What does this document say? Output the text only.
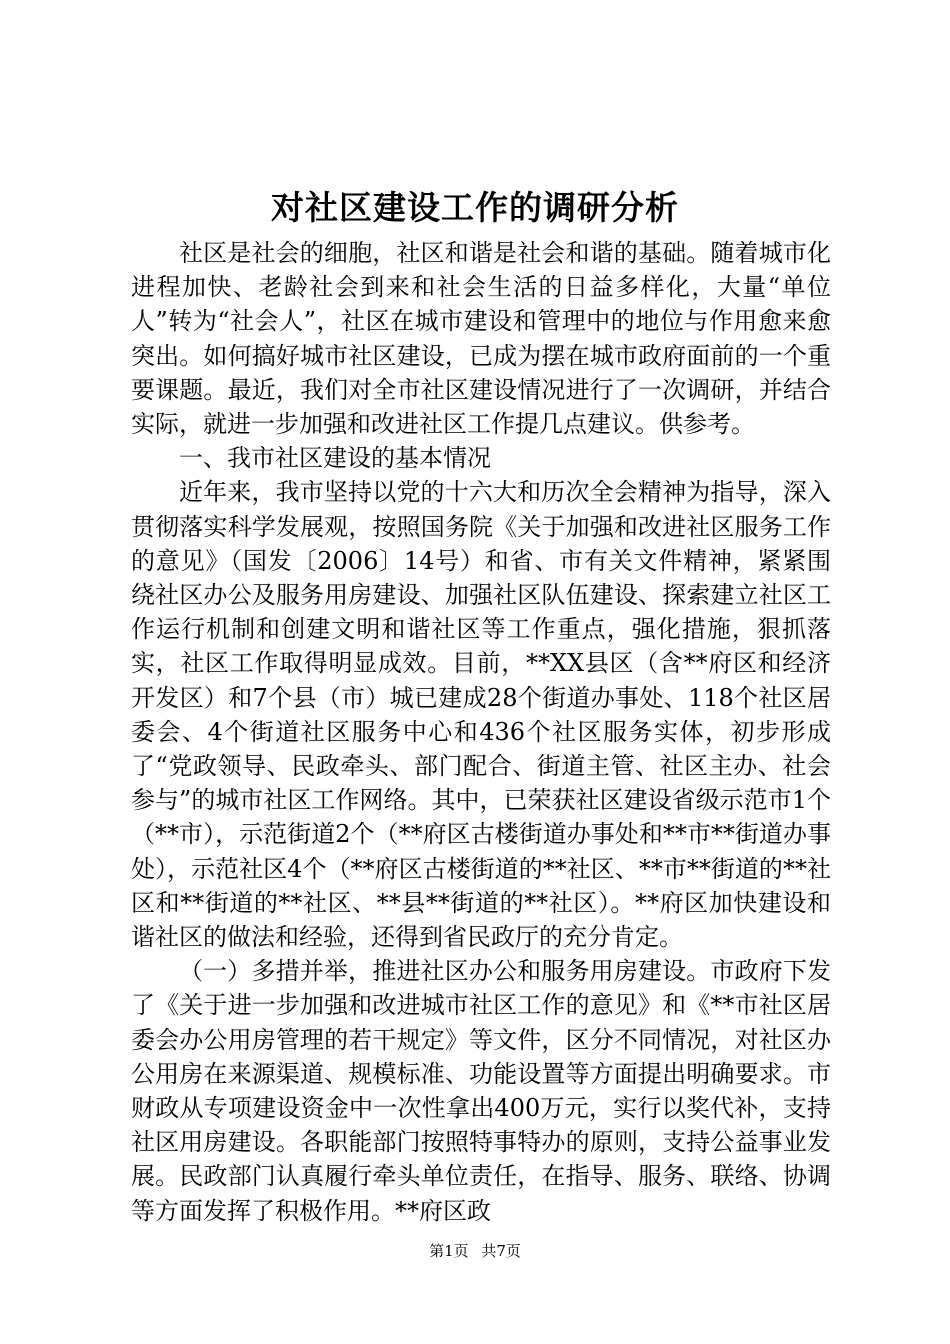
对社区建设工作的调研分析

社区是社会的细胞，社区和谐是社会和谐的基础。随着城市化进程加快、老龄社会到来和社会生活的日益多样化，大量“单位人”转为“社会人”，社区在城市建设和管理中的地位与作用愈来愈突出。如何搞好城市社区建设，已成为摆在城市政府面前的一个重要课题。最近，我们对全市社区建设情况进行了一次调研，并结合实际，就进一步加强和改进社区工作提几点建议。供参考。

一、我市社区建设的基本情况

近年来，我市坚持以党的十六大和历次全会精神为指导，深入贯彻落实科学发展观，按照国务院《关于加强和改进社区服务工作的意见》（国发〔2006〕14号）和省、市有关文件精神，紧紧围绕社区办公及服务用房建设、加强社区队伍建设、探索建立社区工作运行机制和创建文明和谐社区等工作重点，强化措施，狠抓落实，社区工作取得明显成效。目前，**XX县区（含**府区和经济开发区）和7个县（市）城已建成28个街道办事处、118个社区居委会、4个街道社区服务中心和436个社区服务实体，初步形成了“党政领导、民政牵头、部门配合、街道主管、社区主办、社会参与”的城市社区工作网络。其中，已荣获社区建设省级示范市1个（**市），示范街道2个（**府区古楼街道办事处和**市**街道办事处），示范社区4个（**府区古楼街道的**社区、**市**街道的**社区和**街道的**社区、**县**街道的**社区）。**府区加快建设和谐社区的做法和经验，还得到省民政厅的充分肯定。

（一）多措并举，推进社区办公和服务用房建设。市政府下发了《关于进一步加强和改进城市社区工作的意见》和《**市社区居委会办公用房管理的若干规定》等文件，区分不同情况，对社区办公用房在来源渠道、规模标准、功能设置等方面提出明确要求。市财政从专项建设资金中一次性拿出400万元，实行以奖代补，支持社区用房建设。各职能部门按照特事特办的原则，支持公益事业发展。民政部门认真履行牵头单位责任，在指导、服务、联络、协调等方面发挥了积极作用。**府区政

第1页 共7页
